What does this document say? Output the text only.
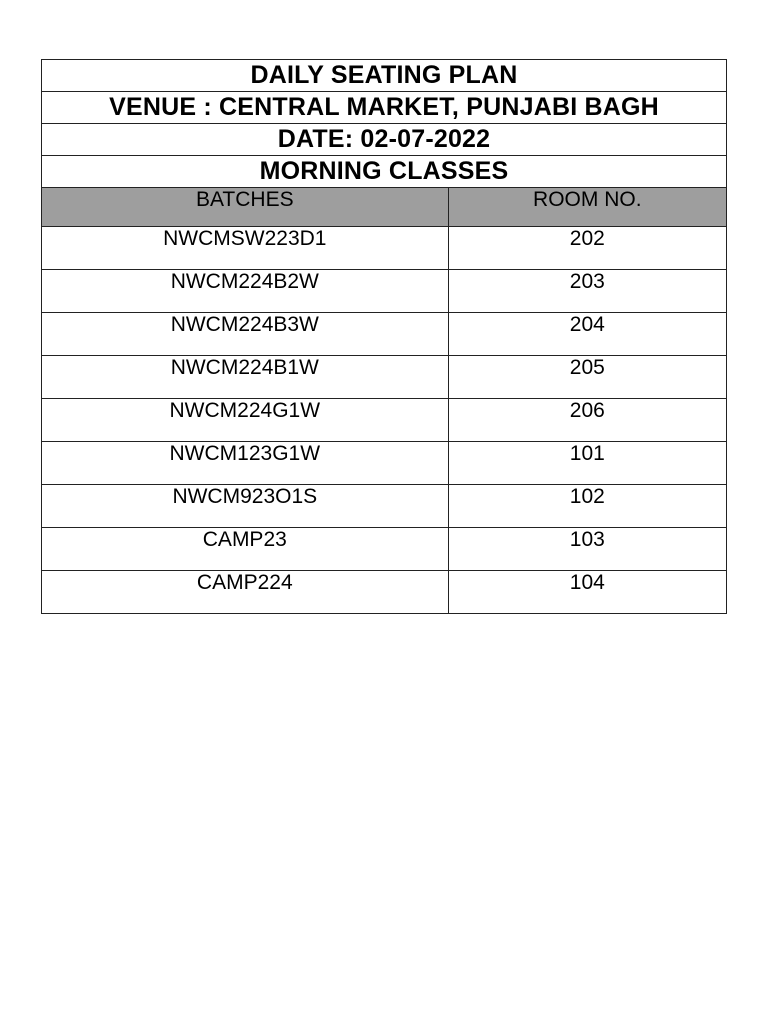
DAILY SEATING PLAN	
VENUE : CENTRAL MARKET, PUNJABI BAGH	
DATE: 02-07-2022	
MORNING CLASSES	
BATCHES	ROOM NO.
NWCMSW223D1	202
NWCM224B2W	203
NWCM224B3W	204
NWCM224B1W	205
NWCM224G1W	206
NWCM123G1W	101
NWCM923O1S	102
CAMP23	103
CAMP224	104
